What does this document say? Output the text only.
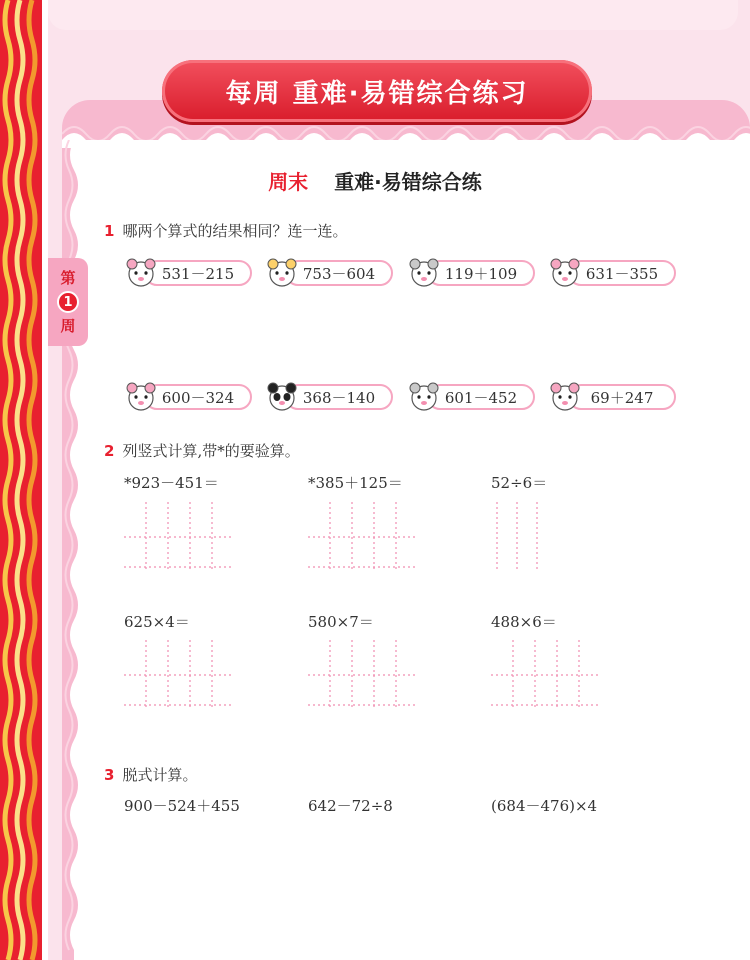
每周 重难·易错综合练习
第
1
周
周末 重难·易错综合练
1 哪两个算式的结果相同？连一连。
531－215	753－604	119＋109	631－355
600－324	368－140	601－452	69＋247
2 列竖式计算,带*的要验算。
*923－451＝	*385＋125＝	52÷6＝
625×4＝	580×7＝	488×6＝
3 脱式计算。
900－524＋455	642－72÷8	(684－476)×4
